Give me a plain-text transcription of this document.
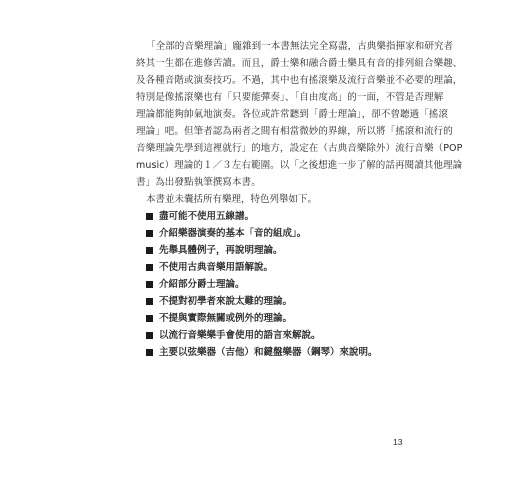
「全部的音樂理論」龐雜到一本書無法完全寫盡，古典樂指揮家和研究者
終其一生都在進修苦讀。而且，爵士樂和融合爵士樂具有音的排列組合樂趣、
及各種音階或演奏技巧。不過，其中也有搖滾樂及流行音樂並不必要的理論，
特別是像搖滾樂也有「只要能彈奏」、「自由度高」的一面，不管是否理解
理論都能夠帥氣地演奏。各位或許常聽到「爵士理論」，卻不曾聽過「搖滾
理論」吧。但筆者認為兩者之間有相當微妙的界線，所以將「搖滾和流行的
音樂理論先學到這裡就行」的地方，設定在（古典音樂除外）流行音樂（POP
music）理論的１／３左右範圍。以「之後想進一步了解的話再閱讀其他理論
書」為出發點執筆撰寫本書。
本書並未囊括所有樂理，特色列舉如下。
盡可能不使用五線譜。
介紹樂器演奏的基本「音的組成」。
先舉具體例子，再說明理論。
不使用古典音樂用語解說。
介紹部分爵士理論。
不提對初學者來說太難的理論。
不提與實際無關或例外的理論。
以流行音樂樂手會使用的語言來解說。
主要以弦樂器（吉他）和鍵盤樂器（鋼琴）來說明。
13
